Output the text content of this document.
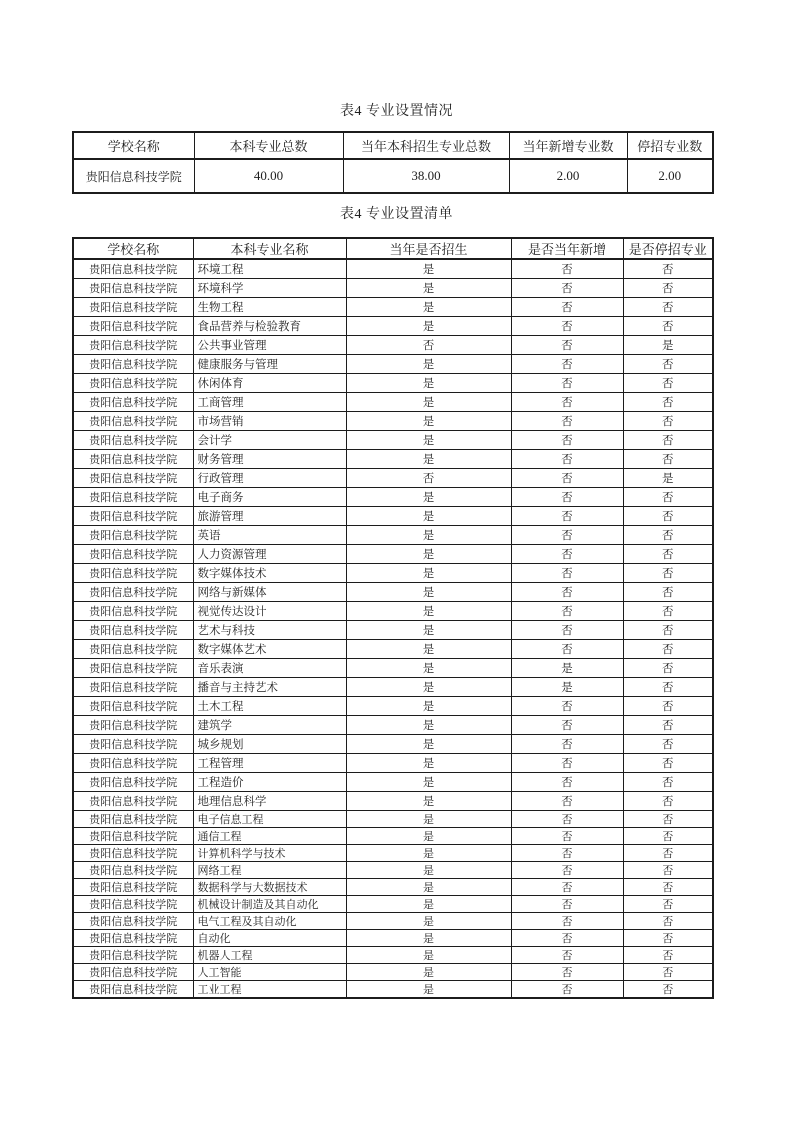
表4 专业设置情况
学校名称	本科专业总数	当年本科招生专业总数	当年新增专业数	停招专业数
贵阳信息科技学院	40.00	38.00	2.00	2.00
表4 专业设置清单
学校名称	本科专业名称	当年是否招生	是否当年新增	是否停招专业
贵阳信息科技学院	环境工程	是	否	否
贵阳信息科技学院	环境科学	是	否	否
贵阳信息科技学院	生物工程	是	否	否
贵阳信息科技学院	食品营养与检验教育	是	否	否
贵阳信息科技学院	公共事业管理	否	否	是
贵阳信息科技学院	健康服务与管理	是	否	否
贵阳信息科技学院	休闲体育	是	否	否
贵阳信息科技学院	工商管理	是	否	否
贵阳信息科技学院	市场营销	是	否	否
贵阳信息科技学院	会计学	是	否	否
贵阳信息科技学院	财务管理	是	否	否
贵阳信息科技学院	行政管理	否	否	是
贵阳信息科技学院	电子商务	是	否	否
贵阳信息科技学院	旅游管理	是	否	否
贵阳信息科技学院	英语	是	否	否
贵阳信息科技学院	人力资源管理	是	否	否
贵阳信息科技学院	数字媒体技术	是	否	否
贵阳信息科技学院	网络与新媒体	是	否	否
贵阳信息科技学院	视觉传达设计	是	否	否
贵阳信息科技学院	艺术与科技	是	否	否
贵阳信息科技学院	数字媒体艺术	是	否	否
贵阳信息科技学院	音乐表演	是	是	否
贵阳信息科技学院	播音与主持艺术	是	是	否
贵阳信息科技学院	土木工程	是	否	否
贵阳信息科技学院	建筑学	是	否	否
贵阳信息科技学院	城乡规划	是	否	否
贵阳信息科技学院	工程管理	是	否	否
贵阳信息科技学院	工程造价	是	否	否
贵阳信息科技学院	地理信息科学	是	否	否
贵阳信息科技学院	电子信息工程	是	否	否
贵阳信息科技学院	通信工程	是	否	否
贵阳信息科技学院	计算机科学与技术	是	否	否
贵阳信息科技学院	网络工程	是	否	否
贵阳信息科技学院	数据科学与大数据技术	是	否	否
贵阳信息科技学院	机械设计制造及其自动化	是	否	否
贵阳信息科技学院	电气工程及其自动化	是	否	否
贵阳信息科技学院	自动化	是	否	否
贵阳信息科技学院	机器人工程	是	否	否
贵阳信息科技学院	人工智能	是	否	否
贵阳信息科技学院	工业工程	是	否	否
